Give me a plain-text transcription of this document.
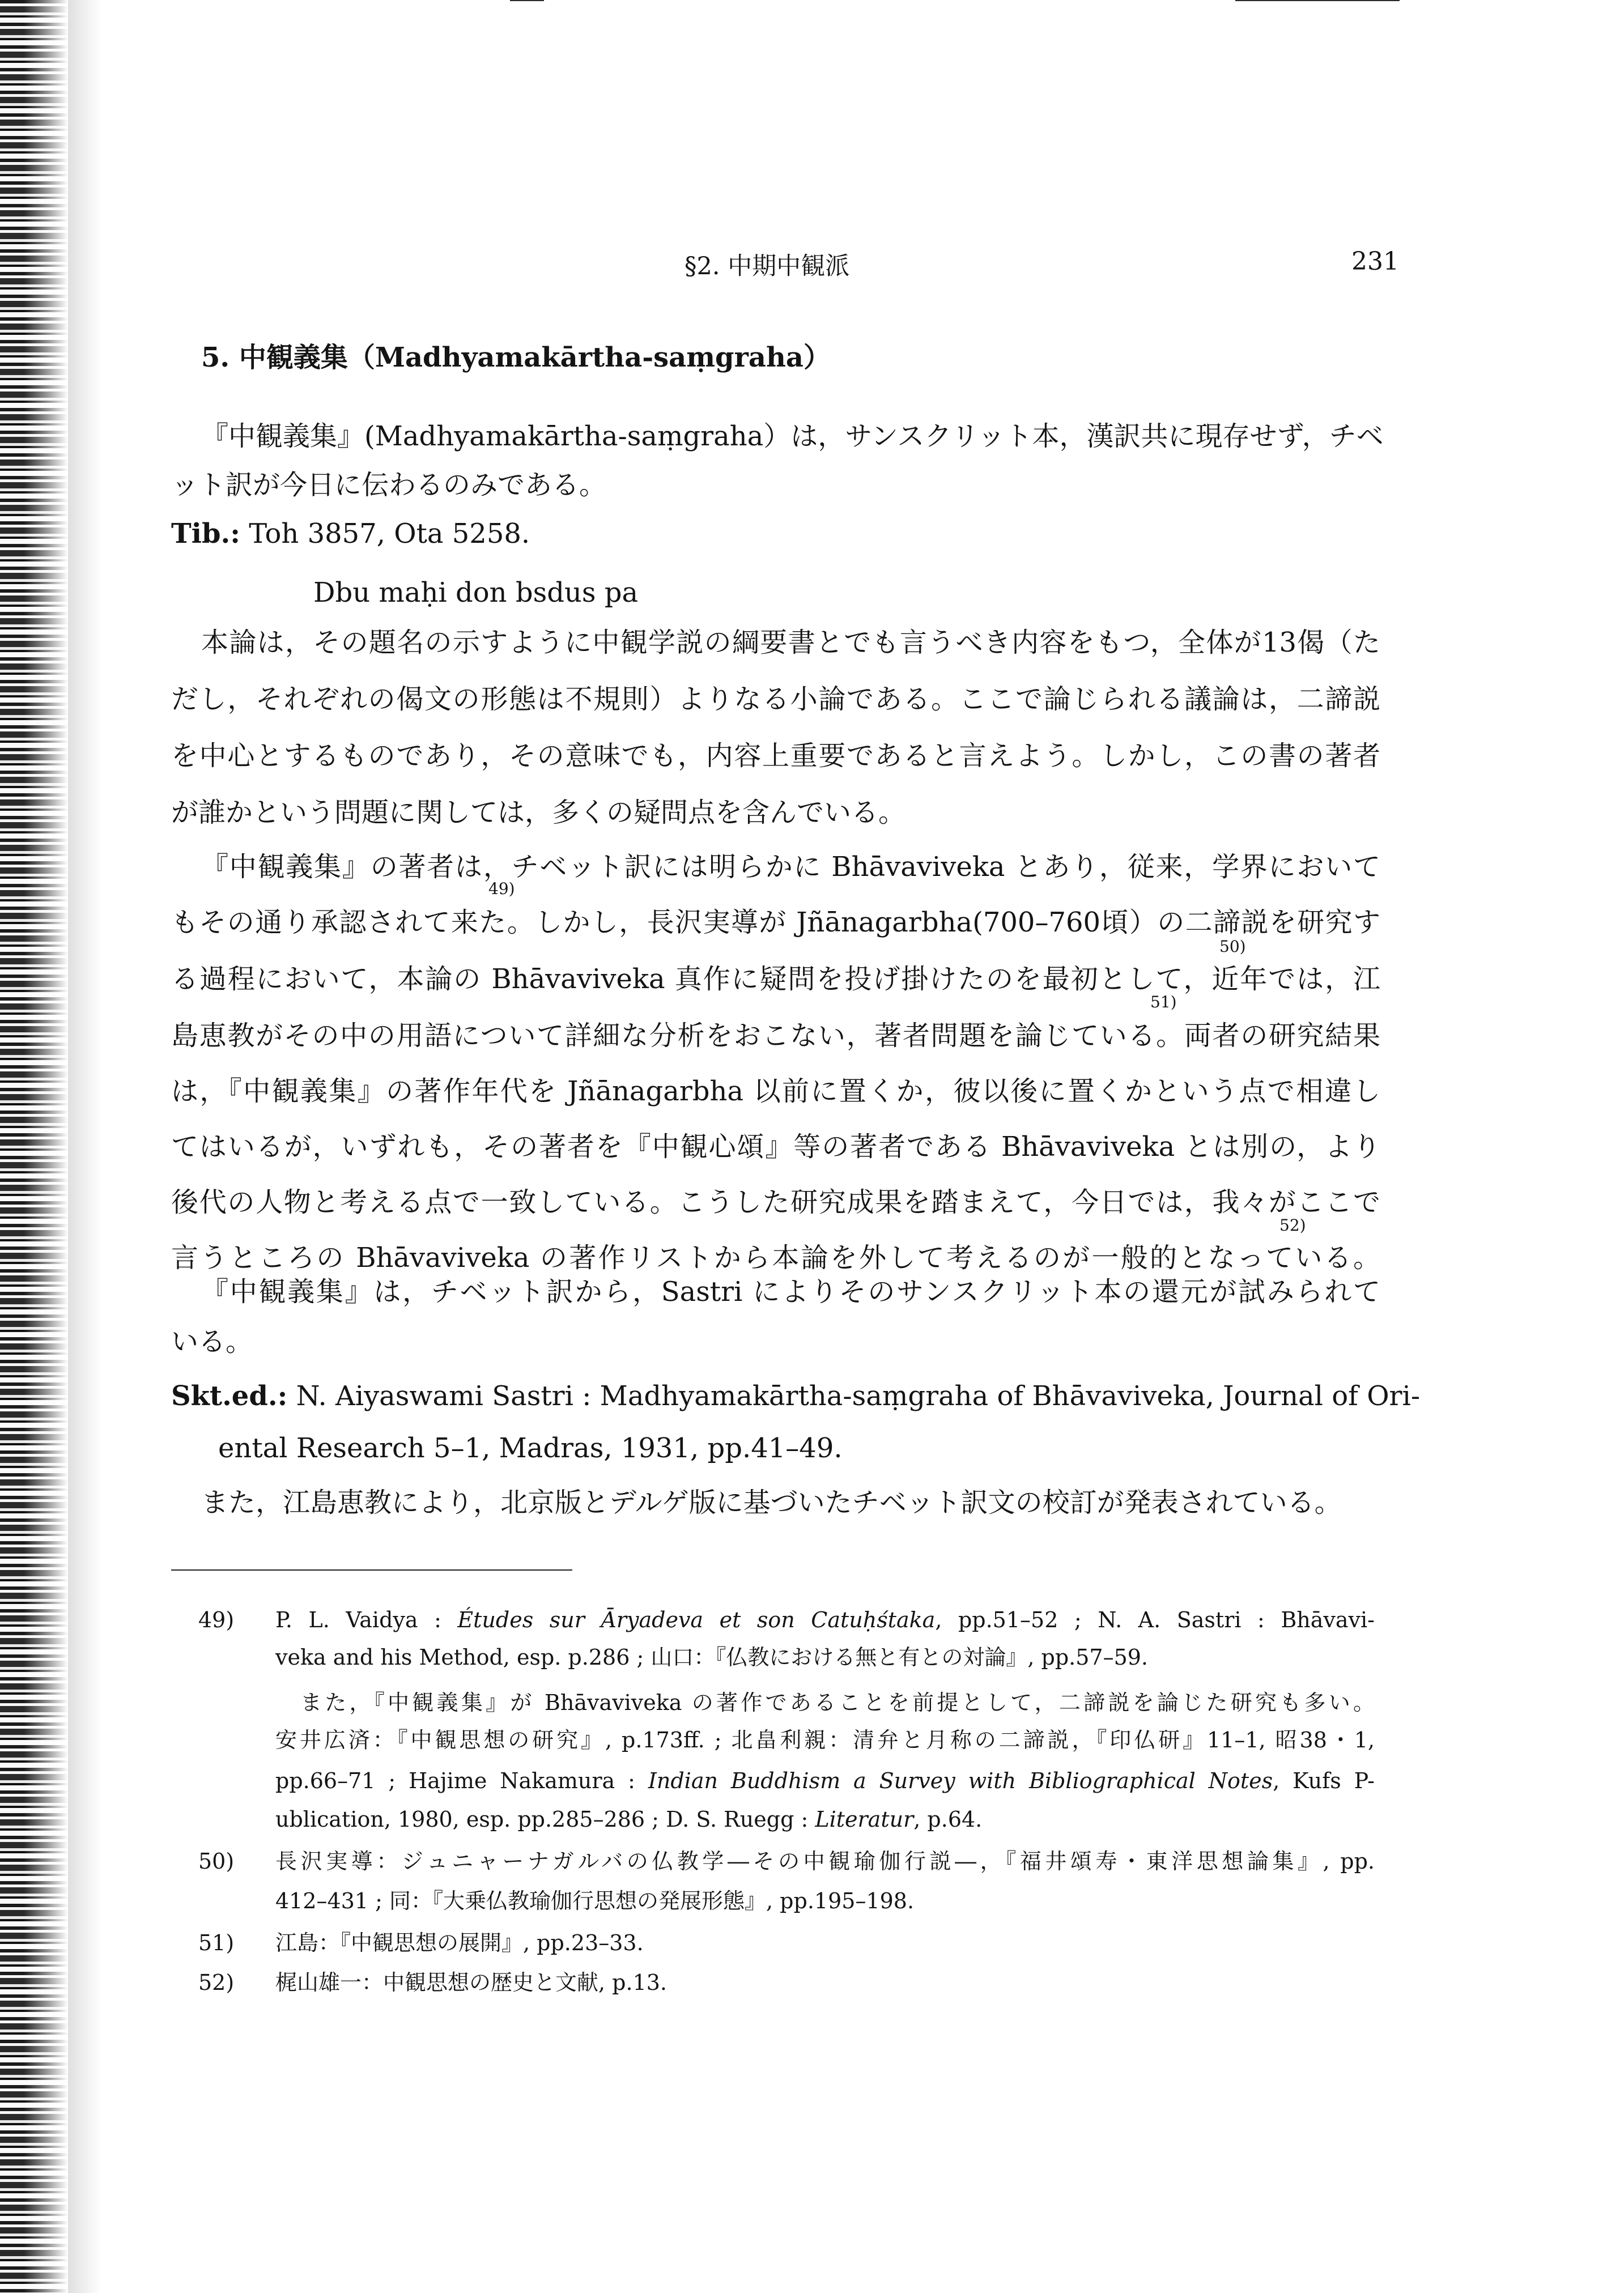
§2. 中期中観派	231
5. 中観義集（Madhyamakārtha-saṃgraha）
『中観義集』(Madhyamakārtha-saṃgraha）は，サンスクリット本，漢訳共に現存せず，チベ
ット訳が今日に伝わるのみである。
Tib.: Toh 3857, Ota 5258.
Dbu maḥi don bsdus pa
本論は，その題名の示すように中観学説の綱要書とでも言うべき内容をもつ，全体が13偈（た
だし，それぞれの偈文の形態は不規則）よりなる小論である。ここで論じられる議論は，二諦説
を中心とするものであり，その意味でも，内容上重要であると言えよう。しかし，この書の著者
が誰かという問題に関しては，多くの疑問点を含んでいる。
『中観義集』の著者は，チベット訳には明らかに Bhāvaviveka とあり，従来，学界において
49)
もその通り承認されて来た。しかし，長沢実導が Jñānagarbha(700–760頃）の二諦説を研究す
50)
る過程において，本論の Bhāvaviveka 真作に疑問を投げ掛けたのを最初として，近年では，江
51)
島恵教がその中の用語について詳細な分析をおこない，著者問題を論じている。両者の研究結果
は，『中観義集』の著作年代を Jñānagarbha 以前に置くか，彼以後に置くかという点で相違し
てはいるが，いずれも，その著者を『中観心頌』等の著者である Bhāvaviveka とは別の，より
後代の人物と考える点で一致している。こうした研究成果を踏まえて，今日では，我々がここで
52)
言うところの Bhāvaviveka の著作リストから本論を外して考えるのが一般的となっている。
『中観義集』は，チベット訳から，Sastri によりそのサンスクリット本の還元が試みられて
いる。
Skt.ed.: N. Aiyaswami Sastri : Madhyamakārtha-saṃgraha of Bhāvaviveka, Journal of Ori-
ental Research 5–1, Madras, 1931, pp.41–49.
また，江島恵教により，北京版とデルゲ版に基づいたチベット訳文の校訂が発表されている。
49) P. L. Vaidya : Études sur Āryadeva et son Catuḥśtaka, pp.51–52 ; N. A. Sastri : Bhāvavi-
veka and his Method, esp. p.286 ; 山口：『仏教における無と有との対論』, pp.57–59.
また，『中観義集』が Bhāvaviveka の著作であることを前提として，二諦説を論じた研究も多い。
安井広済：『中観思想の研究』, p.173ff. ; 北畠利親：清弁と月称の二諦説，『印仏研』11–1, 昭38・1,
pp.66–71 ; Hajime Nakamura : Indian Buddhism a Survey with Bibliographical Notes, Kufs P-
ublication, 1980, esp. pp.285–286 ; D. S. Ruegg : Literatur, p.64.
50) 長沢実導：ジュニャーナガルバの仏教学―その中観瑜伽行説―，『福井頌寿・東洋思想論集』, pp.
412–431 ; 同：『大乗仏教瑜伽行思想の発展形態』, pp.195–198.
51) 江島：『中観思想の展開』, pp.23–33.
52) 梶山雄一：中観思想の歴史と文献, p.13.
